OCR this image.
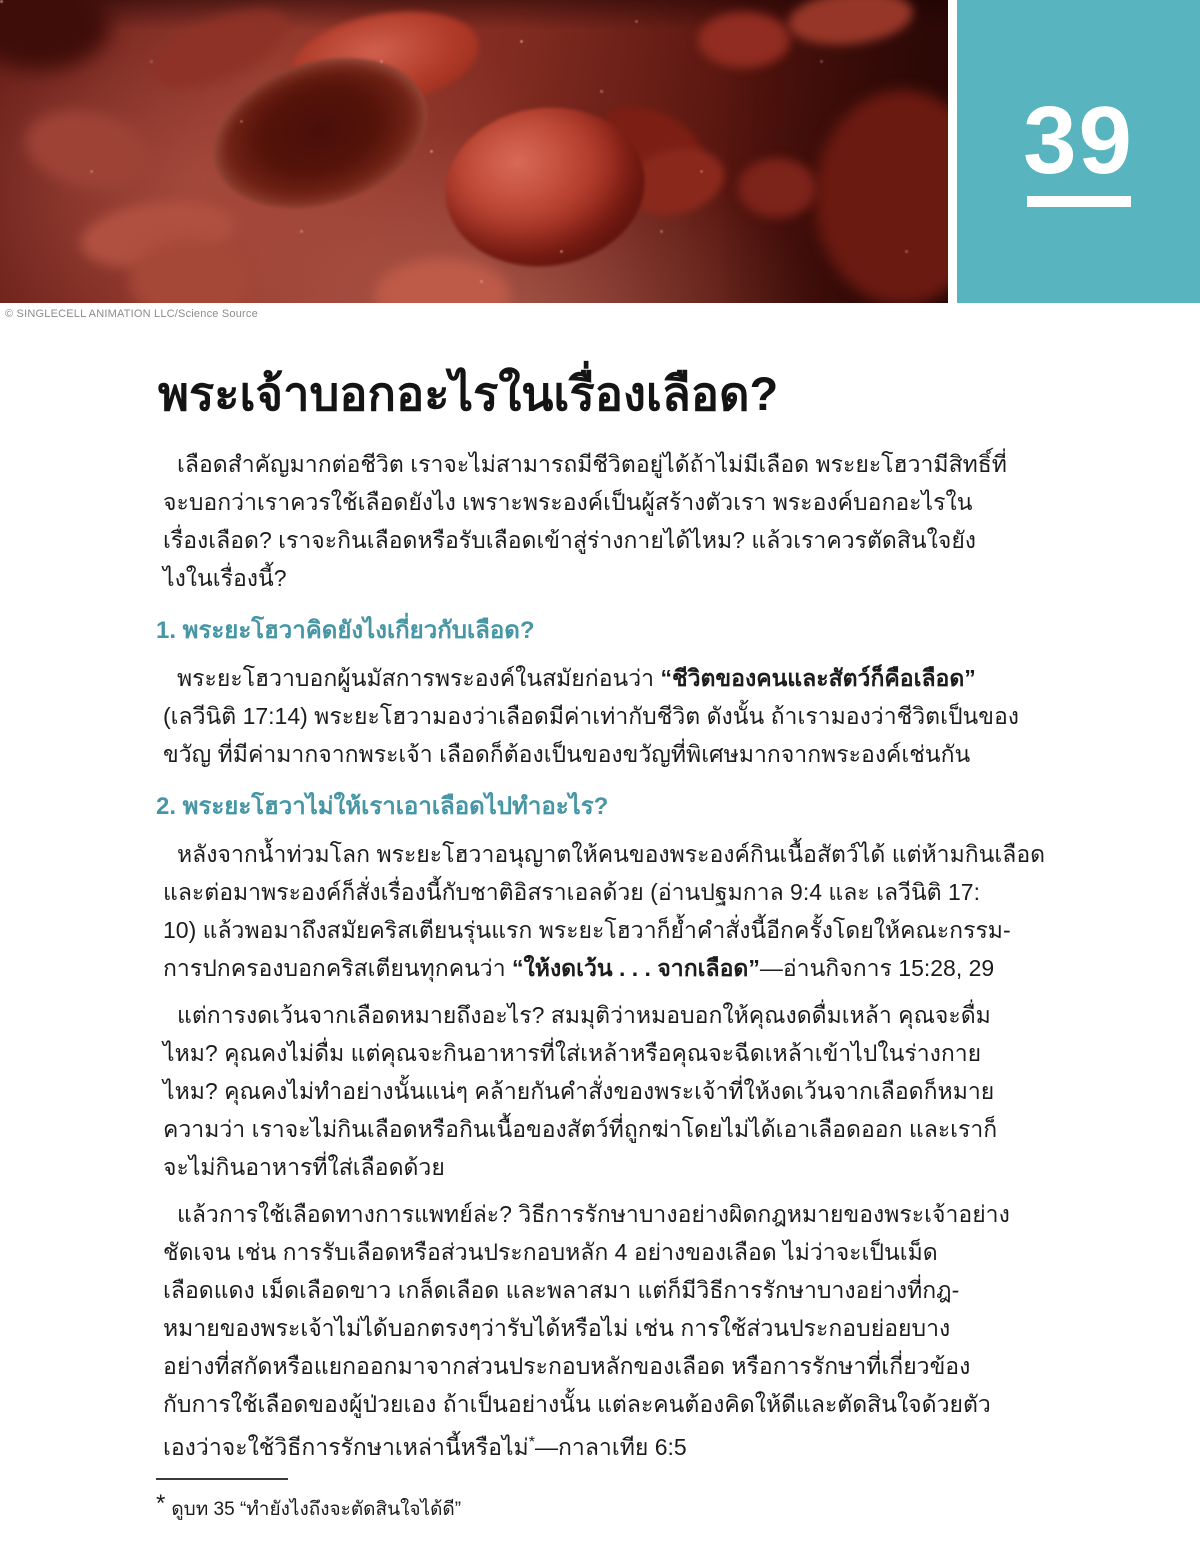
39
© SINGLECELL ANIMATION LLC/Science Source
พระเจ้าบอกอะไรในเรื่องเลือด?
เลือดสำคัญมากต่อชีวิต เราจะไม่สามารถมีชีวิตอยู่ได้ถ้าไม่มีเลือด พระยะโฮวามีสิทธิ์ที่
จะบอกว่าเราควรใช้เลือดยังไง เพราะพระองค์เป็นผู้สร้างตัวเรา พระองค์บอกอะไรใน
เรื่องเลือด? เราจะกินเลือดหรือรับเลือดเข้าสู่ร่างกายได้ไหม? แล้วเราควรตัดสินใจยัง
ไงในเรื่องนี้?
1. พระยะโฮวาคิดยังไงเกี่ยวกับเลือด?
พระยะโฮวาบอกผู้นมัสการพระองค์ในสมัยก่อนว่า “ชีวิตของคนและสัตว์ก็คือเลือด”
(เลวีนิติ 17:14) พระยะโฮวามองว่าเลือดมีค่าเท่ากับชีวิต ดังนั้น ถ้าเรามองว่าชีวิตเป็นของ
ขวัญ ที่มีค่ามากจากพระเจ้า เลือดก็ต้องเป็นของขวัญที่พิเศษมากจากพระองค์เช่นกัน
2. พระยะโฮวาไม่ให้เราเอาเลือดไปทำอะไร?
หลังจากน้ำท่วมโลก พระยะโฮวาอนุญาตให้คนของพระองค์กินเนื้อสัตว์ได้ แต่ห้ามกินเลือด
และต่อมาพระองค์ก็สั่งเรื่องนี้กับชาติอิสราเอลด้วย (อ่านปฐมกาล 9:4 และ เลวีนิติ 17:
10) แล้วพอมาถึงสมัยคริสเตียนรุ่นแรก พระยะโฮวาก็ย้ำคำสั่งนี้อีกครั้งโดยให้คณะกรรม-
การปกครองบอกคริสเตียนทุกคนว่า “ให้งดเว้น . . . จากเลือด”—อ่านกิจการ 15:28, 29
แต่การงดเว้นจากเลือดหมายถึงอะไร? สมมุติว่าหมอบอกให้คุณงดดื่มเหล้า คุณจะดื่ม
ไหม? คุณคงไม่ดื่ม แต่คุณจะกินอาหารที่ใส่เหล้าหรือคุณจะฉีดเหล้าเข้าไปในร่างกาย
ไหม? คุณคงไม่ทำอย่างนั้นแน่ๆ คล้ายกันคำสั่งของพระเจ้าที่ให้งดเว้นจากเลือดก็หมาย
ความว่า เราจะไม่กินเลือดหรือกินเนื้อของสัตว์ที่ถูกฆ่าโดยไม่ได้เอาเลือดออก และเราก็
จะไม่กินอาหารที่ใส่เลือดด้วย
แล้วการใช้เลือดทางการแพทย์ล่ะ? วิธีการรักษาบางอย่างผิดกฎหมายของพระเจ้าอย่าง
ชัดเจน เช่น การรับเลือดหรือส่วนประกอบหลัก 4 อย่างของเลือด ไม่ว่าจะเป็นเม็ด
เลือดแดง เม็ดเลือดขาว เกล็ดเลือด และพลาสมา แต่ก็มีวิธีการรักษาบางอย่างที่กฎ-
หมายของพระเจ้าไม่ได้บอกตรงๆว่ารับได้หรือไม่ เช่น การใช้ส่วนประกอบย่อยบาง
อย่างที่สกัดหรือแยกออกมาจากส่วนประกอบหลักของเลือด หรือการรักษาที่เกี่ยวข้อง
กับการใช้เลือดของผู้ป่วยเอง ถ้าเป็นอย่างนั้น แต่ละคนต้องคิดให้ดีและตัดสินใจด้วยตัว
เองว่าจะใช้วิธีการรักษาเหล่านี้หรือไม่*—กาลาเทีย 6:5
* ดูบท 35 “ทำยังไงถึงจะตัดสินใจได้ดี”
